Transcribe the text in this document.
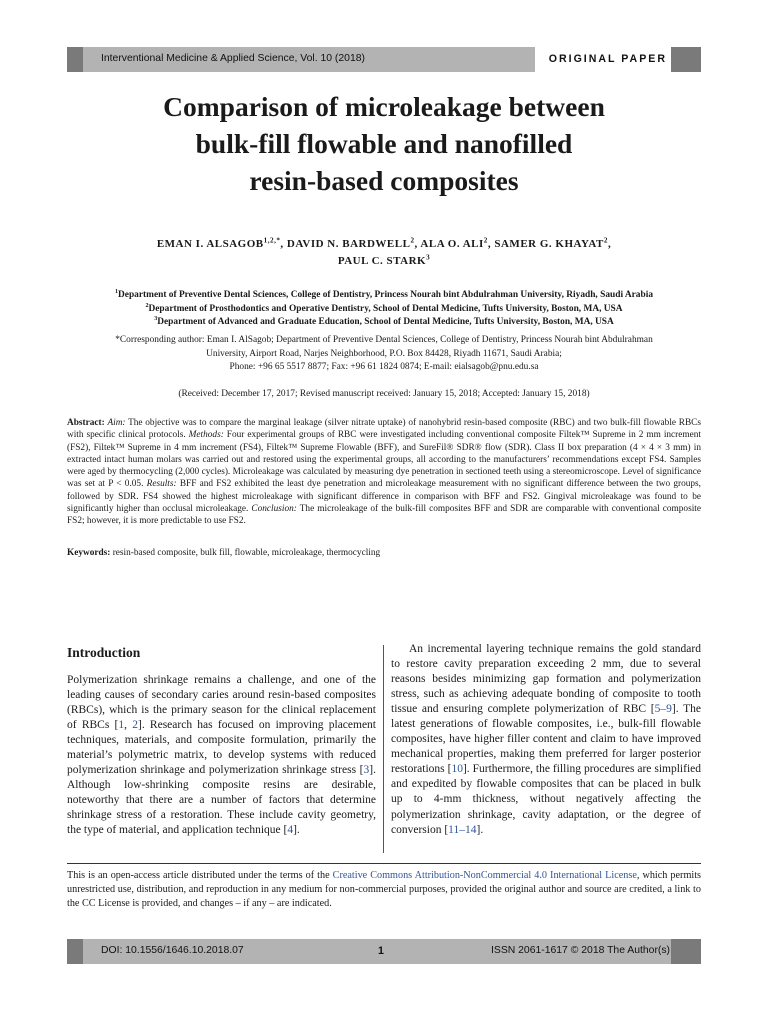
Interventional Medicine & Applied Science, Vol. 10 (2018)	ORIGINAL PAPER
Comparison of microleakage between
bulk-fill flowable and nanofilled
resin-based composites
EMAN I. $ALSAGOB^{1,2,*}$, DAVID N. BARDWELL$^2$, ALA O. ALI$^2$, SAMER G. KHAYAT$^2$,
PAUL C. STARK$^3$
$^1$Department of Preventive Dental Sciences, College of Dentistry, Princess Nourah bint Abdulrahman University, Riyadh, Saudi Arabia
$^2$Department of Prosthodontics and Operative Dentistry, School of Dental Medicine, Tufts University, Boston, MA, USA
$^3$Department of Advanced and Graduate Education, School of Dental Medicine, Tufts University, Boston, MA, USA
*Corresponding author: Eman I. AlSagob; Department of Preventive Dental Sciences, College of Dentistry, Princess Nourah bint Abdulrahman
University, Airport Road, Narjes Neighborhood, P.O. Box 84428, Riyadh 11671, Saudi Arabia;
Phone: +96 65 5517 8877; Fax: +96 61 1824 0874; E-mail: eialsagob@pnu.edu.sa
(Received: December 17, 2017; Revised manuscript received: January 15, 2018; Accepted: January 15, 2018)
Abstract: Aim: The objective was to compare the marginal leakage (silver nitrate uptake) of nanohybrid resin-based composite (RBC) and two bulk-fill flowable RBCs with specific clinical protocols. Methods: Four experimental groups of RBC were investigated including conventional composite Filtek™ Supreme in 2 mm increment (FS2), Filtek™ Supreme in 4 mm increment (FS4), Filtek™ Supreme Flowable (BFF), and SureFil® SDR® flow (SDR). Class II box preparation (4 × 4 × 3 mm) in extracted intact human molars was carried out and restored using the experimental groups, all according to the manufacturers’ recommendations except FS4. Samples were aged by thermocycling (2,000 cycles). Microleakage was calculated by measuring dye penetration in sectioned teeth using a stereomicroscope. Level of significance was set at P < 0.05. Results: BFF and FS2 exhibited the least dye penetration and microleakage measurement with no significant difference between the two groups, followed by SDR. FS4 showed the highest microleakage with significant difference in comparison with BFF and FS2. Gingival microleakage was found to be significantly higher than occlusal microleakage. Conclusion: The microleakage of the bulk-fill composites BFF and SDR are comparable with conventional composite FS2; however, it is more predictable to use FS2.
Keywords: resin-based composite, bulk fill, flowable, microleakage, thermocycling
Introduction
Polymerization shrinkage remains a challenge, and one of the leading causes of secondary caries around resin-based composites (RBCs), which is the primary season for the clinical replacement of RBCs [1, 2]. Research has focused on improving placement techniques, materials, and composite formulation, primarily the material’s polymetric matrix, to develop systems with reduced polymerization shrinkage and polymerization shrinkage stress [3]. Although low-shrinking composite resins are desirable, noteworthy that there are a number of factors that determine shrinkage stress of a restoration. These include cavity geometry, the type of material, and application technique [4].
An incremental layering technique remains the gold standard to restore cavity preparation exceeding 2 mm, due to several reasons besides minimizing gap formation and polymerization stress, such as achieving adequate bonding of composite to tooth tissue and ensuring complete polymerization of RBC [5–9]. The latest generations of flowable composites, i.e., bulk-fill flowable composites, have higher filler content and claim to have improved mechanical properties, making them preferred for larger posterior restorations [10]. Furthermore, the filling procedures are simplified and expedited by flowable composites that can be placed in bulk up to 4-mm thickness, without negatively affecting the polymerization shrinkage, cavity adaptation, or the degree of conversion [11–14].
This is an open-access article distributed under the terms of the Creative Commons Attribution-NonCommercial 4.0 International License, which permits unrestricted use, distribution, and reproduction in any medium for non-commercial purposes, provided the original author and source are credited, a link to the CC License is provided, and changes – if any – are indicated.
DOI: 10.1556/1646.10.2018.07	1	ISSN 2061-1617 © 2018 The Author(s)
